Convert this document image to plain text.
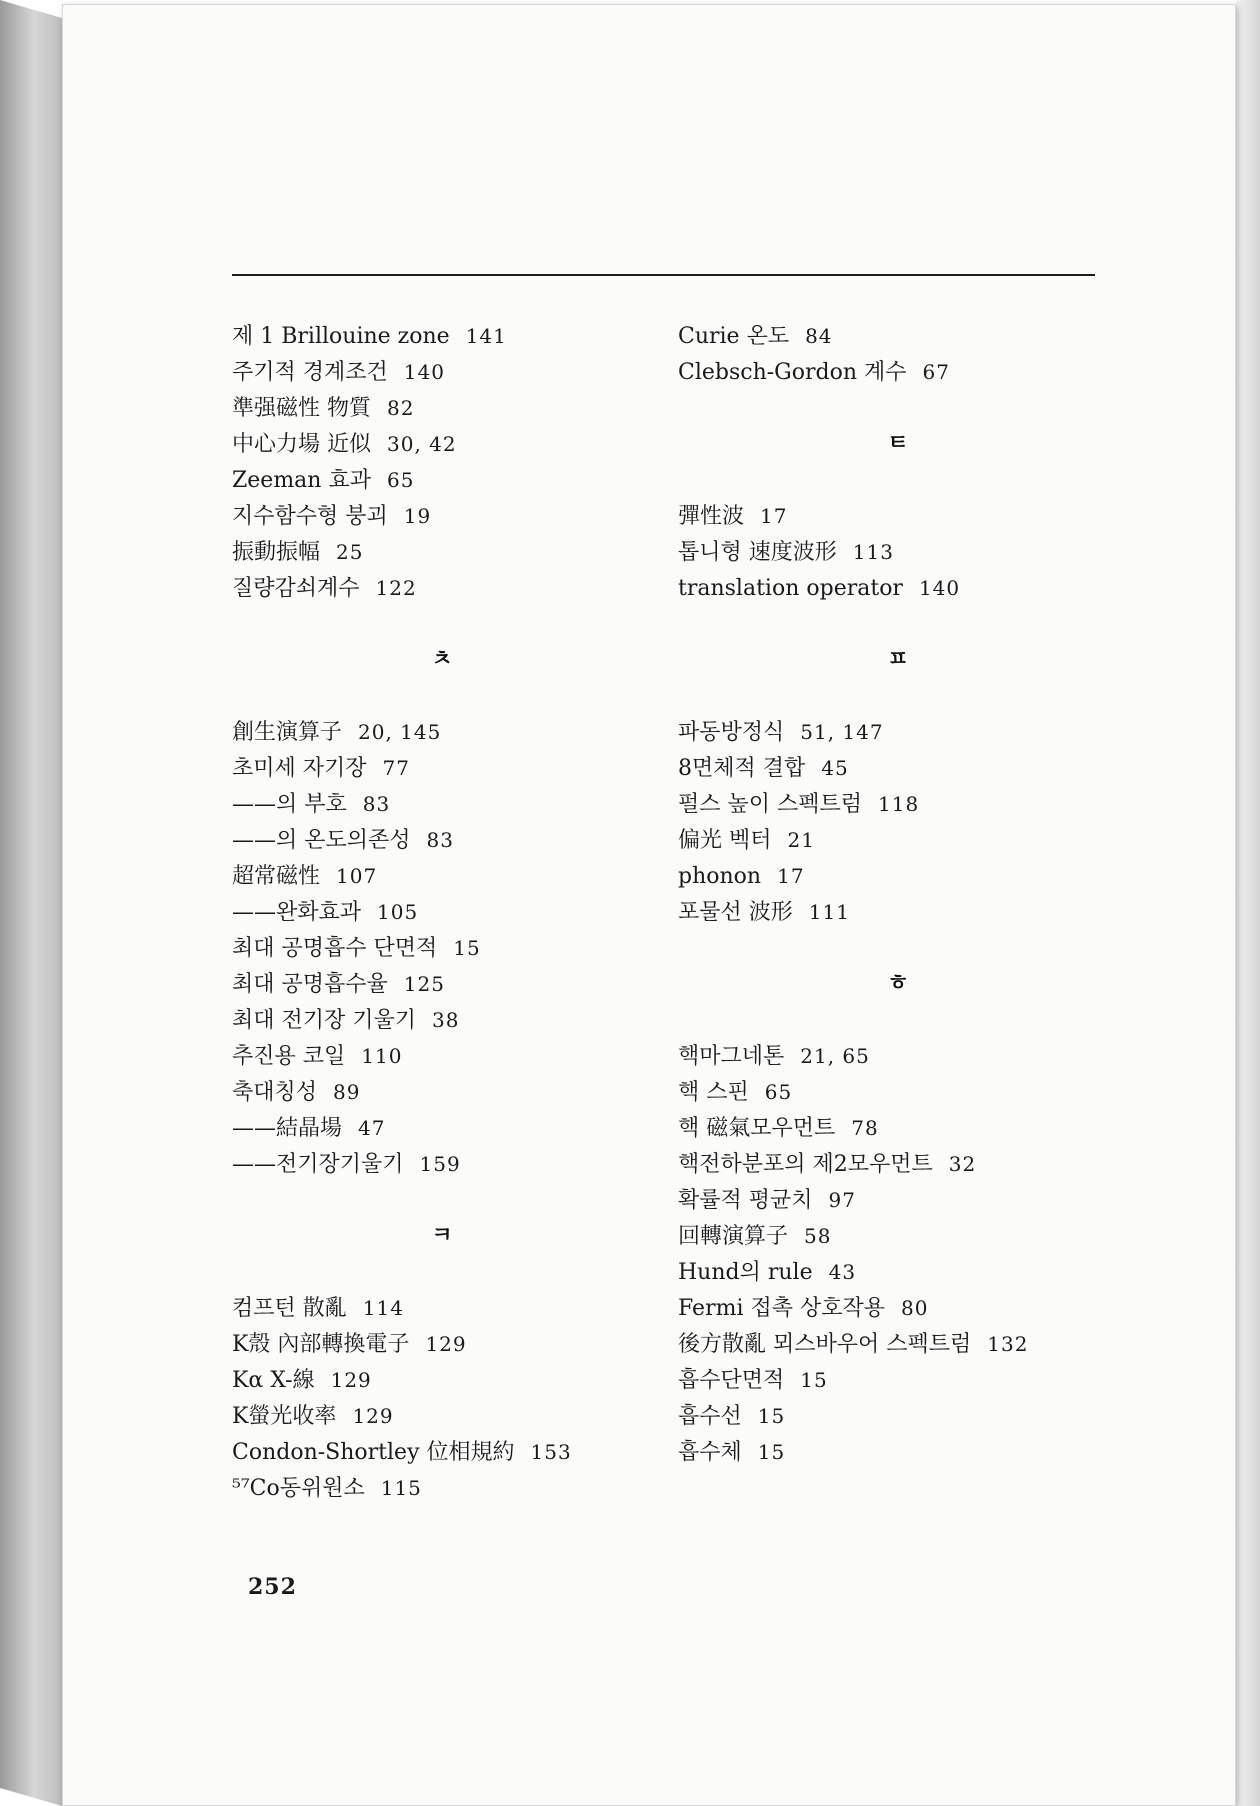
제 1 Brillouine zone 141
주기적 경계조건 140
準强磁性 物質 82
中心力場 近似 30, 42
Zeeman 효과 65
지수함수형 붕괴 19
振動振幅 25
질량감쇠계수 122
ㅊ
創生演算子 20, 145
초미세 자기장 77
——의 부호 83
——의 온도의존성 83
超常磁性 107
——완화효과 105
최대 공명흡수 단면적 15
최대 공명흡수율 125
최대 전기장 기울기 38
추진용 코일 110
축대칭성 89
——結晶場 47
——전기장기울기 159
ㅋ
컴프턴 散亂 114
K殼 內部轉換電子 129
Kα X-線 129
K螢光收率 129
Condon-Shortley 位相規約 153
⁵⁷Co동위원소 115
Curie 온도 84
Clebsch-Gordon 계수 67
ㅌ
彈性波 17
톱니형 速度波形 113
translation operator 140
ㅍ
파동방정식 51, 147
8면체적 결합 45
펄스 높이 스펙트럼 118
偏光 벡터 21
phonon 17
포물선 波形 111
ㅎ
핵마그네톤 21, 65
핵 스핀 65
핵 磁氣모우먼트 78
핵전하분포의 제2모우먼트 32
확률적 평균치 97
回轉演算子 58
Hund의 rule 43
Fermi 접촉 상호작용 80
後方散亂 뫼스바우어 스펙트럼 132
흡수단면적 15
흡수선 15
흡수체 15
252
